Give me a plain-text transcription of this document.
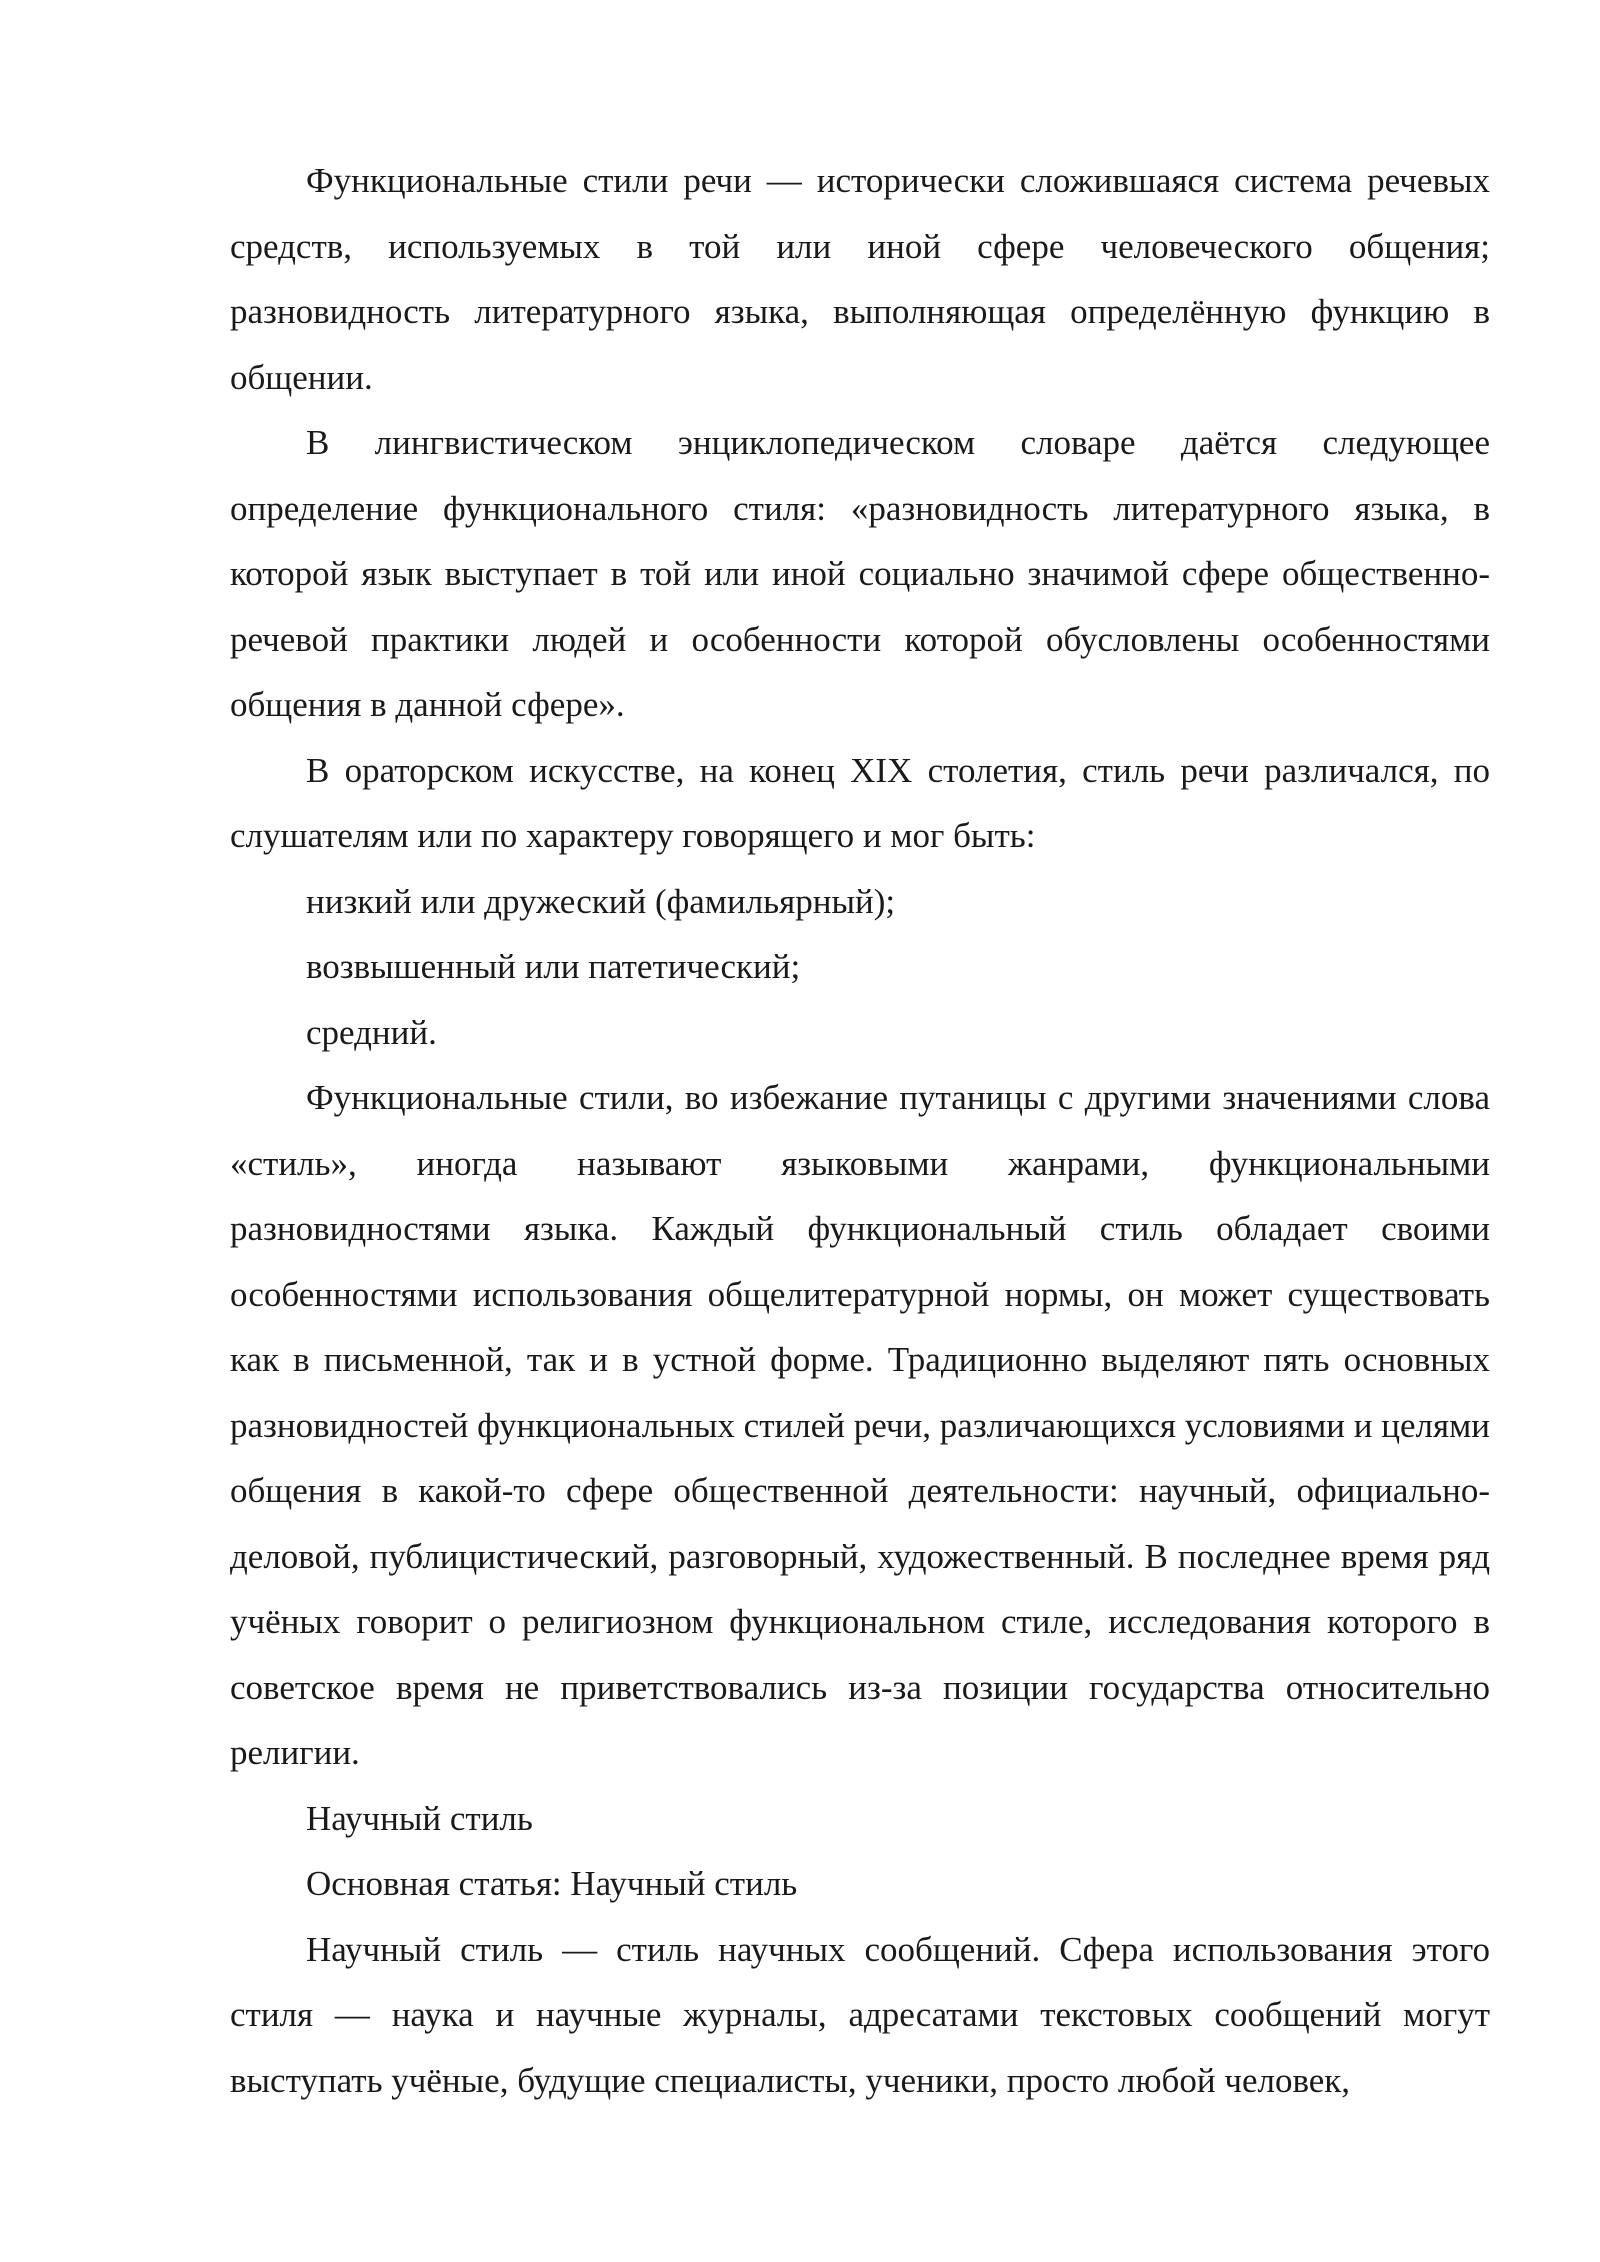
Функциональные стили речи — исторически сложившаяся система речевых средств, используемых в той или иной сфере человеческого общения; разновидность литературного языка, выполняющая определённую функцию в общении.

В лингвистическом энциклопедическом словаре даётся следующее определение функционального стиля: «разновидность литературного языка, в которой язык выступает в той или иной социально значимой сфере общественно-речевой практики людей и особенности которой обусловлены особенностями общения в данной сфере».

В ораторском искусстве, на конец XIX столетия, стиль речи различался, по слушателям или по характеру говорящего и мог быть:

низкий или дружеский (фамильярный);

возвышенный или патетический;

средний.

Функциональные стили, во избежание путаницы с другими значениями слова «стиль», иногда называют языковыми жанрами, функциональными разновидностями языка. Каждый функциональный стиль обладает своими особенностями использования общелитературной нормы, он может существовать как в письменной, так и в устной форме. Традиционно выделяют пять основных разновидностей функциональных стилей речи, различающихся условиями и целями общения в какой-то сфере общественной деятельности: научный, официально-деловой, публицистический, разговорный, художественный. В последнее время ряд учёных говорит о религиозном функциональном стиле, исследования которого в советское время не приветствовались из-за позиции государства относительно религии.

Научный стиль

Основная статья: Научный стиль

Научный стиль — стиль научных сообщений. Сфера использования этого стиля — наука и научные журналы, адресатами текстовых сообщений могут выступать учёные, будущие специалисты, ученики, просто любой человек,
